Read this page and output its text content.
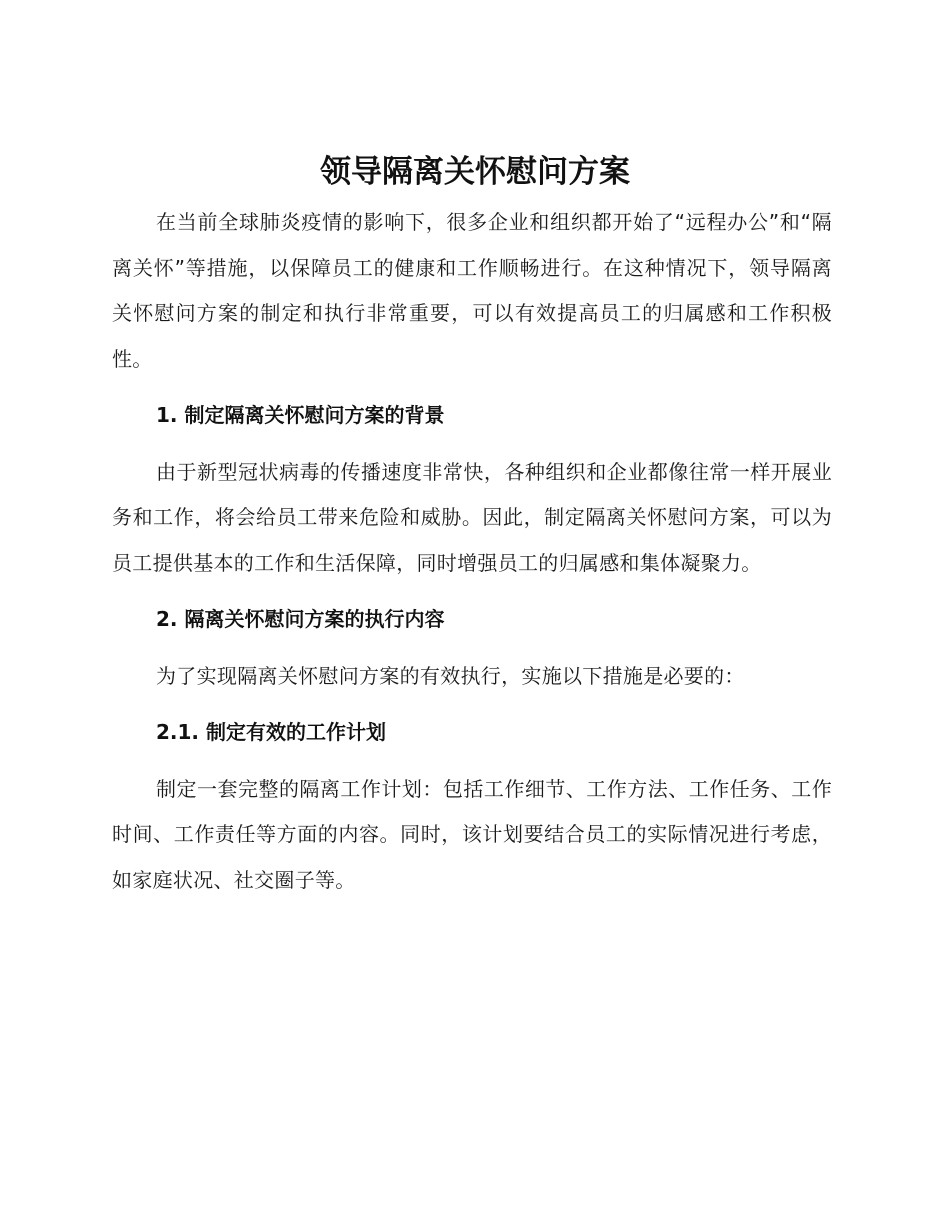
领导隔离关怀慰问方案

在当前全球肺炎疫情的影响下，很多企业和组织都开始了“远程办公”和“隔离关怀”等措施，以保障员工的健康和工作顺畅进行。在这种情况下，领导隔离关怀慰问方案的制定和执行非常重要，可以有效提高员工的归属感和工作积极性。

1. 制定隔离关怀慰问方案的背景

由于新型冠状病毒的传播速度非常快，各种组织和企业都像往常一样开展业务和工作，将会给员工带来危险和威胁。因此，制定隔离关怀慰问方案，可以为员工提供基本的工作和生活保障，同时增强员工的归属感和集体凝聚力。

2. 隔离关怀慰问方案的执行内容

为了实现隔离关怀慰问方案的有效执行，实施以下措施是必要的：

2.1. 制定有效的工作计划

制定一套完整的隔离工作计划：包括工作细节、工作方法、工作任务、工作时间、工作责任等方面的内容。同时，该计划要结合员工的实际情况进行考虑，如家庭状况、社交圈子等。
